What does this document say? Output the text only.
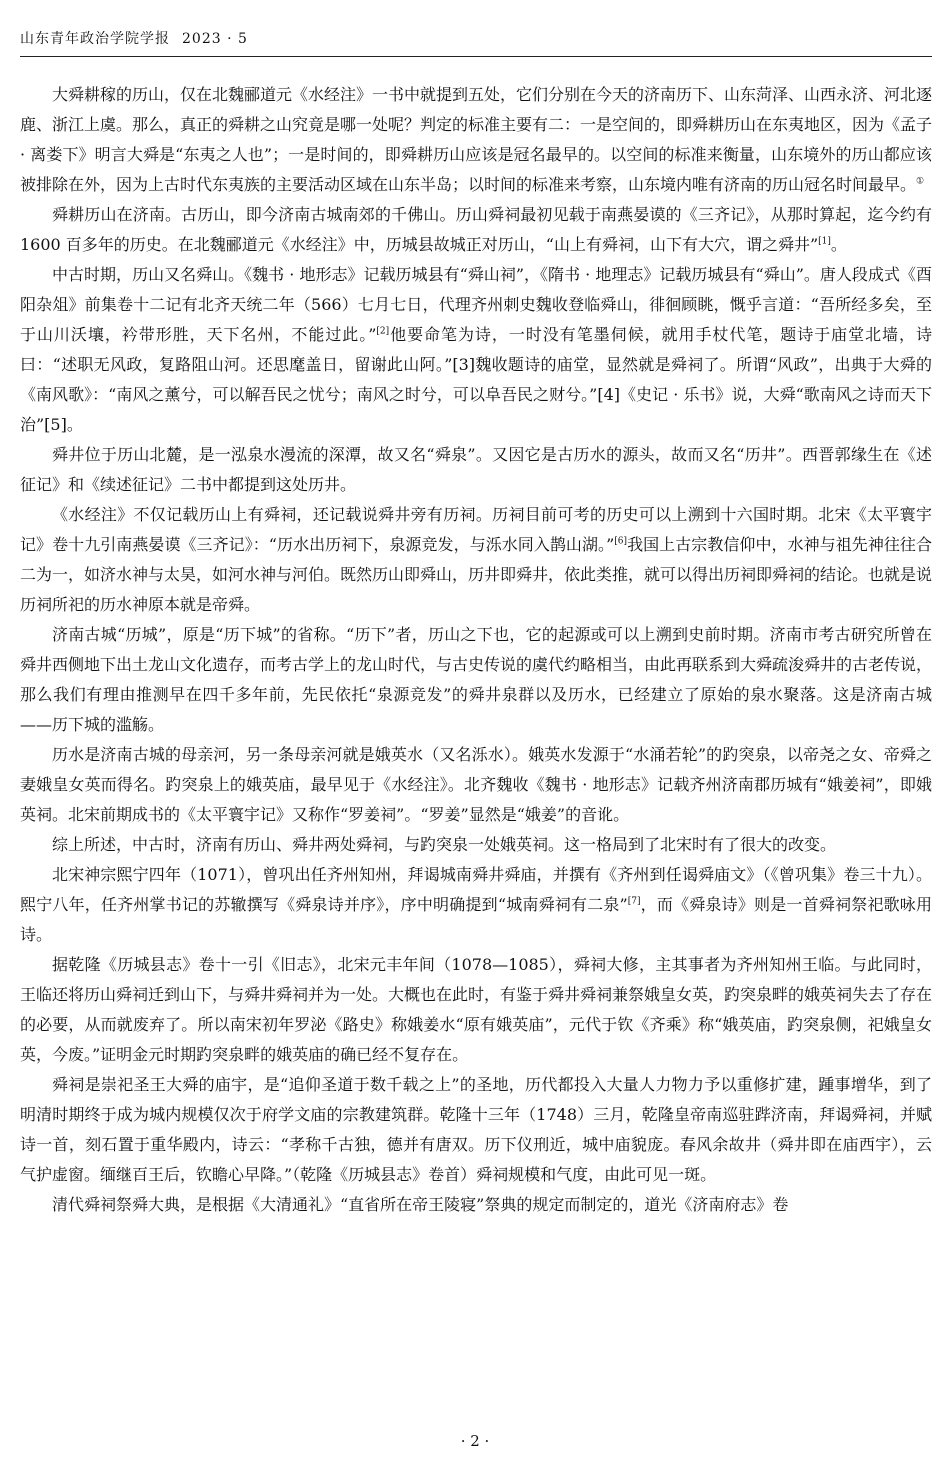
山东青年政治学院学报 2023 · 5

大舜耕稼的历山，仅在北魏郦道元《水经注》一书中就提到五处，它们分别在今天的济南历下、山东菏泽、山西永济、河北逐鹿、浙江上虞。那么，真正的舜耕之山究竟是哪一处呢？判定的标准主要有二：一是空间的，即舜耕历山在东夷地区，因为《孟子 · 离娄下》明言大舜是“东夷之人也”；一是时间的，即舜耕历山应该是冠名最早的。以空间的标准来衡量，山东境外的历山都应该被排除在外，因为上古时代东夷族的主要活动区域在山东半岛；以时间的标准来考察，山东境内唯有济南的历山冠名时间最早。①

舜耕历山在济南。古历山，即今济南古城南郊的千佛山。历山舜祠最初见载于南燕晏谟的《三齐记》，从那时算起，迄今约有 1600 百多年的历史。在北魏郦道元《水经注》中，历城县故城正对历山，“山上有舜祠，山下有大穴，谓之舜井”[1]。

中古时期，历山又名舜山。《魏书 · 地形志》记载历城县有“舜山祠”，《隋书 · 地理志》记载历城县有“舜山”。唐人段成式《酉阳杂俎》前集卷十二记有北齐天统二年（566）七月七日，代理齐州刺史魏收登临舜山，徘徊顾眺，慨乎言道：“吾所经多矣，至于山川沃壤，衿带形胜，天下名州，不能过此。”[2]他要命笔为诗，一时没有笔墨伺候，就用手杖代笔，题诗于庙堂北墙，诗曰：“述职无风政，复路阻山河。还思麾盖日，留谢此山阿。”[3]魏收题诗的庙堂，显然就是舜祠了。所谓“风政”，出典于大舜的《南风歌》：“南风之薰兮，可以解吾民之忧兮；南风之时兮，可以阜吾民之财兮。”[4]《史记 · 乐书》说，大舜“歌南风之诗而天下治”[5]。

舜井位于历山北麓，是一泓泉水漫流的深潭，故又名“舜泉”。又因它是古历水的源头，故而又名“历井”。西晋郭缘生在《述征记》和《续述征记》二书中都提到这处历井。

《水经注》不仅记载历山上有舜祠，还记载说舜井旁有历祠。历祠目前可考的历史可以上溯到十六国时期。北宋《太平寰宇记》卷十九引南燕晏谟《三齐记》：“历水出历祠下，泉源竞发，与泺水同入鹊山湖。”[6]我国上古宗教信仰中，水神与祖先神往往合二为一，如济水神与太昊，如河水神与河伯。既然历山即舜山，历井即舜井，依此类推，就可以得出历祠即舜祠的结论。也就是说历祠所祀的历水神原本就是帝舜。

济南古城“历城”，原是“历下城”的省称。“历下”者，历山之下也，它的起源或可以上溯到史前时期。济南市考古研究所曾在舜井西侧地下出土龙山文化遗存，而考古学上的龙山时代，与古史传说的虞代约略相当，由此再联系到大舜疏浚舜井的古老传说，那么我们有理由推测早在四千多年前，先民依托“泉源竞发”的舜井泉群以及历水，已经建立了原始的泉水聚落。这是济南古城——历下城的滥觞。

历水是济南古城的母亲河，另一条母亲河就是娥英水（又名泺水）。娥英水发源于“水涌若轮”的趵突泉，以帝尧之女、帝舜之妻娥皇女英而得名。趵突泉上的娥英庙，最早见于《水经注》。北齐魏收《魏书 · 地形志》记载齐州济南郡历城有“娥姜祠”，即娥英祠。北宋前期成书的《太平寰宇记》又称作“罗姜祠”。“罗姜”显然是“娥姜”的音讹。

综上所述，中古时，济南有历山、舜井两处舜祠，与趵突泉一处娥英祠。这一格局到了北宋时有了很大的改变。

北宋神宗熙宁四年（1071），曾巩出任齐州知州，拜谒城南舜井舜庙，并撰有《齐州到任谒舜庙文》（《曾巩集》卷三十九）。熙宁八年，任齐州掌书记的苏辙撰写《舜泉诗并序》，序中明确提到“城南舜祠有二泉”[7]，而《舜泉诗》则是一首舜祠祭祀歌咏用诗。

据乾隆《历城县志》卷十一引《旧志》，北宋元丰年间（1078—1085），舜祠大修，主其事者为齐州知州王临。与此同时，王临还将历山舜祠迁到山下，与舜井舜祠并为一处。大概也在此时，有鉴于舜井舜祠兼祭娥皇女英，趵突泉畔的娥英祠失去了存在的必要，从而就废弃了。所以南宋初年罗泌《路史》称娥姜水“原有娥英庙”，元代于钦《齐乘》称“娥英庙，趵突泉侧，祀娥皇女英，今废。”证明金元时期趵突泉畔的娥英庙的确已经不复存在。

舜祠是崇祀圣王大舜的庙宇，是“追仰圣道于数千载之上”的圣地，历代都投入大量人力物力予以重修扩建，踵事增华，到了明清时期终于成为城内规模仅次于府学文庙的宗教建筑群。乾隆十三年（1748）三月，乾隆皇帝南巡驻跸济南，拜谒舜祠，并赋诗一首，刻石置于重华殿内，诗云：“孝称千古独，德并有唐双。历下仪刑近，城中庙貌庞。春风余故井（舜井即在庙西宇），云气护虚窗。缅继百王后，钦瞻心早降。”（乾隆《历城县志》卷首）舜祠规模和气度，由此可见一斑。

清代舜祠祭舜大典，是根据《大清通礼》“直省所在帝王陵寝”祭典的规定而制定的，道光《济南府志》卷

· 2 ·
